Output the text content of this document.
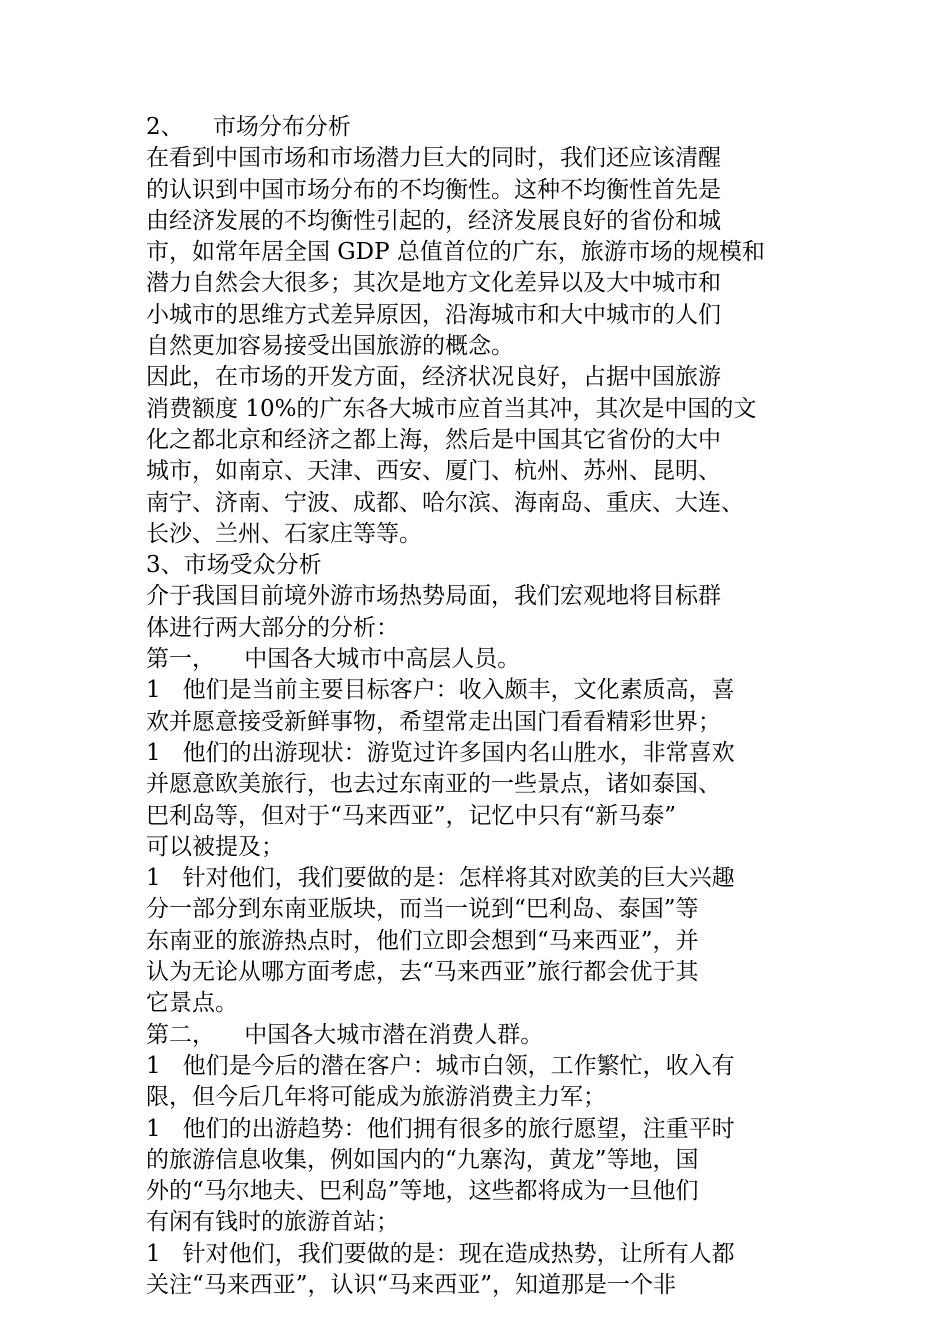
2、    市场分布分析
在看到中国市场和市场潜力巨大的同时，我们还应该清醒
的认识到中国市场分布的不均衡性。这种不均衡性首先是
由经济发展的不均衡性引起的，经济发展良好的省份和城
市，如常年居全国 GDP 总值首位的广东，旅游市场的规模和
潜力自然会大很多；其次是地方文化差异以及大中城市和
小城市的思维方式差异原因，沿海城市和大中城市的人们
自然更加容易接受出国旅游的概念。
因此，在市场的开发方面，经济状况良好，占据中国旅游
消费额度 10%的广东各大城市应首当其冲，其次是中国的文
化之都北京和经济之都上海，然后是中国其它省份的大中
城市，如南京、天津、西安、厦门、杭州、苏州、昆明、
南宁、济南、宁波、成都、哈尔滨、海南岛、重庆、大连、
长沙、兰州、石家庄等等。
3、市场受众分析
介于我国目前境外游市场热势局面，我们宏观地将目标群
体进行两大部分的分析：
第一，    中国各大城市中高层人员。
1   他们是当前主要目标客户：收入颇丰，文化素质高，喜
欢并愿意接受新鲜事物，希望常走出国门看看精彩世界；
1   他们的出游现状：游览过许多国内名山胜水，非常喜欢
并愿意欧美旅行，也去过东南亚的一些景点，诸如泰国、
巴利岛等，但对于“马来西亚”，记忆中只有“新马泰”
可以被提及；
1   针对他们，我们要做的是：怎样将其对欧美的巨大兴趣
分一部分到东南亚版块，而当一说到“巴利岛、泰国”等
东南亚的旅游热点时，他们立即会想到“马来西亚”，并
认为无论从哪方面考虑，去“马来西亚”旅行都会优于其
它景点。
第二，    中国各大城市潜在消费人群。
1   他们是今后的潜在客户：城市白领，工作繁忙，收入有
限，但今后几年将可能成为旅游消费主力军；
1   他们的出游趋势：他们拥有很多的旅行愿望，注重平时
的旅游信息收集，例如国内的“九寨沟，黄龙”等地，国
外的“马尔地夫、巴利岛”等地，这些都将成为一旦他们
有闲有钱时的旅游首站；
1   针对他们，我们要做的是：现在造成热势，让所有人都
关注“马来西亚”，认识“马来西亚”，知道那是一个非
